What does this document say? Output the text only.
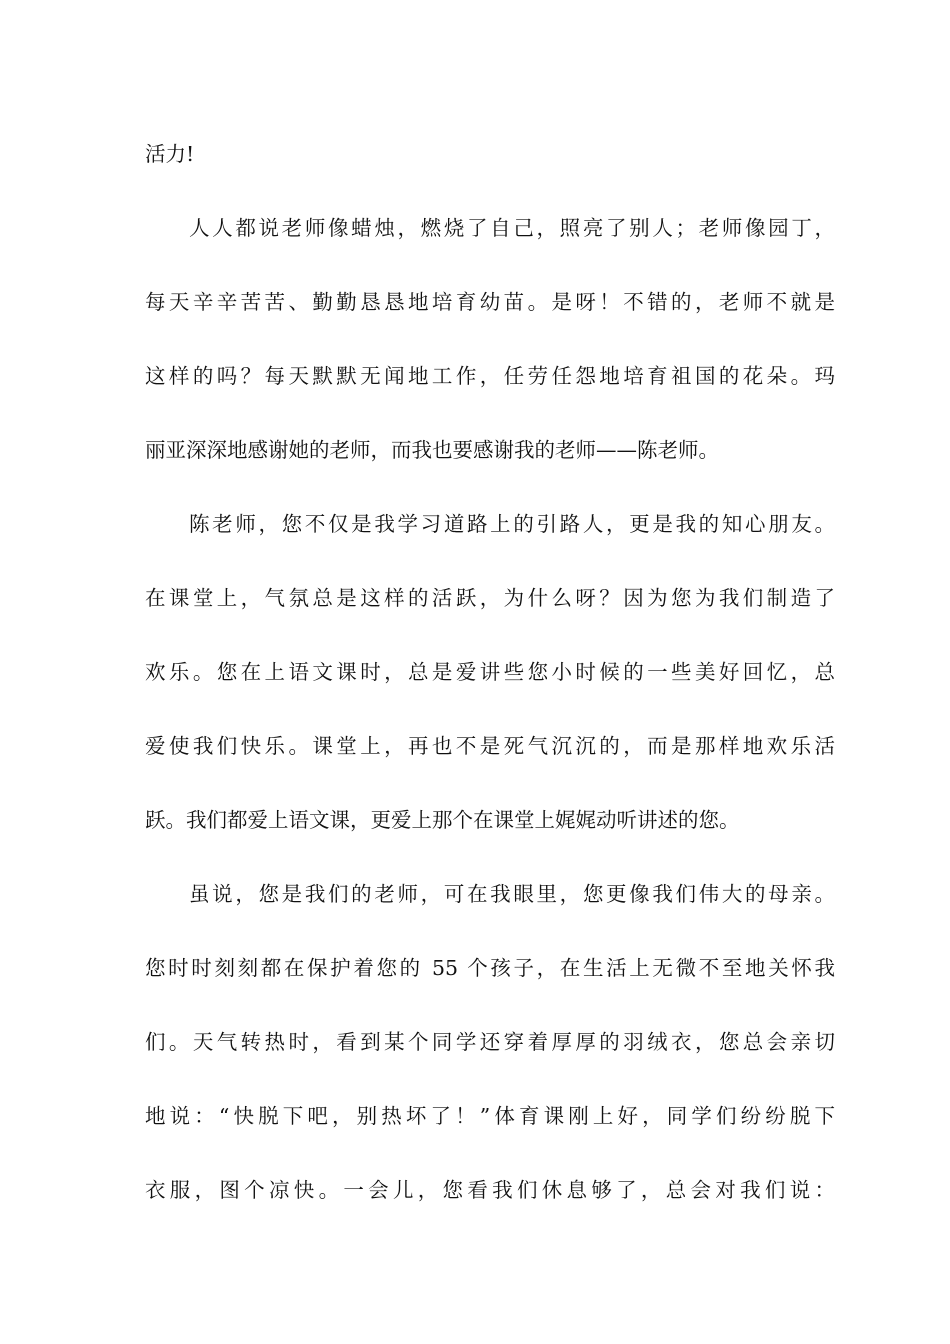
活力!
人人都说老师像蜡烛，燃烧了自己，照亮了别人；老师像园丁，
每天辛辛苦苦、勤勤恳恳地培育幼苗。是呀！不错的，老师不就是
这样的吗？每天默默无闻地工作，任劳任怨地培育祖国的花朵。玛
丽亚深深地感谢她的老师，而我也要感谢我的老师——陈老师。
陈老师，您不仅是我学习道路上的引路人，更是我的知心朋友。
在课堂上，气氛总是这样的活跃，为什么呀？因为您为我们制造了
欢乐。您在上语文课时，总是爱讲些您小时候的一些美好回忆，总
爱使我们快乐。课堂上，再也不是死气沉沉的，而是那样地欢乐活
跃。我们都爱上语文课，更爱上那个在课堂上娓娓动听讲述的您。
虽说，您是我们的老师，可在我眼里，您更像我们伟大的母亲。
您时时刻刻都在保护着您的 55 个孩子，在生活上无微不至地关怀我
们。天气转热时，看到某个同学还穿着厚厚的羽绒衣，您总会亲切
地说：“快脱下吧，别热坏了！”体育课刚上好，同学们纷纷脱下
衣服，图个凉快。一会儿，您看我们休息够了，总会对我们说：
